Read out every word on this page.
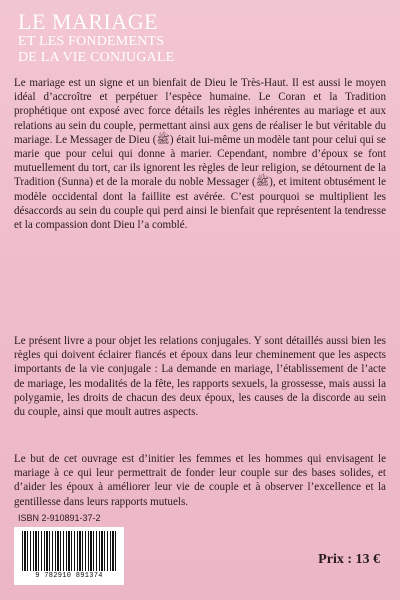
LE MARIAGE
ET LES FONDEMENTS
DE LA VIE CONJUGALE
Le mariage est un signe et un bienfait de Dieu le Très-Haut. Il est aussi le moyen idéal d’accroître et perpétuer l’espèce humaine. Le Coran et la Tradition prophétique ont exposé avec force détails les règles inhérentes au mariage et aux relations au sein du couple, permettant ainsi aux gens de réaliser le but véritable du mariage. Le Messager de Dieu (ﷺ) était lui-même un modèle tant pour celui qui se marie que pour celui qui donne à marier. Cependant, nombre d’époux se font mutuellement du tort, car ils ignorent les règles de leur religion, se détournent de la Tradition (Sunna) et de la morale du noble Messager (ﷺ), et imitent obtusément le modèle occidental dont la faillite est avérée. C’est pourquoi se multiplient les désaccords au sein du couple qui perd ainsi le bienfait que représentent la tendresse et la compassion dont Dieu l’a comblé.
Le présent livre a pour objet les relations conjugales. Y sont détaillés aussi bien les règles qui doivent éclairer fiancés et époux dans leur cheminement que les aspects importants de la vie conjugale : La demande en mariage, l’établissement de l’acte de mariage, les modalités de la fête, les rapports sexuels, la grossesse, mais aussi la polygamie, les droits de chacun des deux époux, les causes de la discorde au sein du couple, ainsi que moult autres aspects.
Le but de cet ouvrage est d’initier les femmes et les hommes qui envisagent le mariage à ce qui leur permettrait de fonder leur couple sur des bases solides, et d’aider les époux à améliorer leur vie de couple et à observer l’excellence et la gentillesse dans leurs rapports mutuels.
ISBN 2-910891-37-2
9 782910 891374
Prix : 13 €
